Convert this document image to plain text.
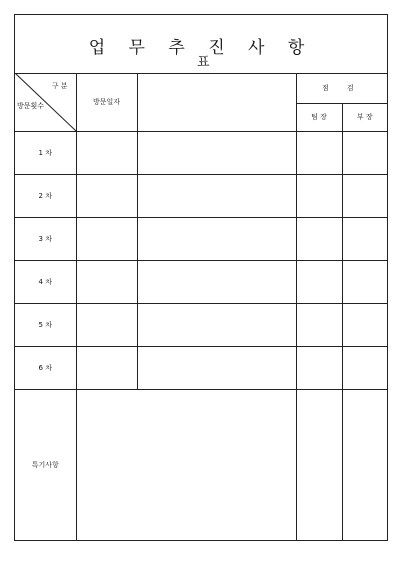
업 무 추 진 사 항
표
구 분
방문횟수	방문일자		점 검	
			팀 장	부 장
1 차				
2 차				
3 차				
4 차				
5 차				
6 차				
특기사항				
